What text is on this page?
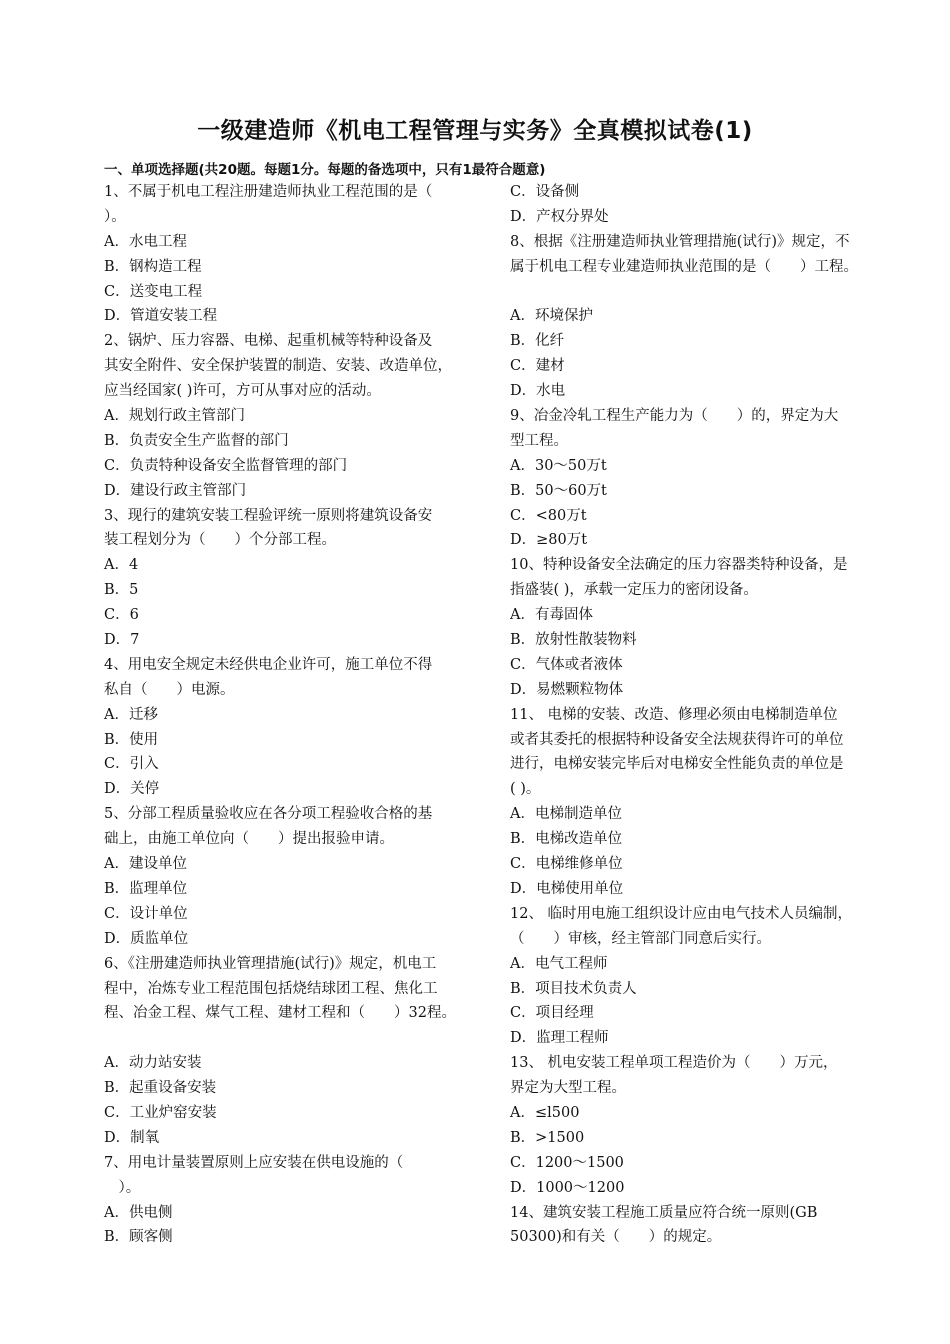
一级建造师《机电工程管理与实务》全真模拟试卷(1)
一、单项选择题(共20题。每题1分。每题的备选项中，只有1最符合题意)
1、不属于机电工程注册建造师执业工程范围的是（
）。
A．水电工程
B．钢构造工程
C．送变电工程
D．管道安装工程
2、锅炉、压力容器、电梯、起重机械等特种设备及
其安全附件、安全保护装置的制造、安装、改造单位，
应当经国家( )许可，方可从事对应的活动。
A．规划行政主管部门
B．负责安全生产监督的部门
C．负责特种设备安全监督管理的部门
D．建设行政主管部门
3、现行的建筑安装工程验评统一原则将建筑设备安
装工程划分为（　　）个分部工程。
A．4
B．5
C．6
D．7
4、用电安全规定未经供电企业许可，施工单位不得
私自（　　）电源。
A．迁移
B．使用
C．引入
D．关停
5、分部工程质量验收应在各分项工程验收合格的基
础上，由施工单位向（　　）提出报验申请。
A．建设单位
B．监理单位
C．设计单位
D．质监单位
6、《注册建造师执业管理措施(试行)》规定，机电工
程中，冶炼专业工程范围包括烧结球团工程、焦化工
程、冶金工程、煤气工程、建材工程和（　　）32程。
A．动力站安装
B．起重设备安装
C．工业炉窑安装
D．制氧
7、用电计量装置原则上应安装在供电设施的（
　）。
A．供电侧
B．顾客侧
C．设备侧
D．产权分界处
8、根据《注册建造师执业管理措施(试行)》规定，不
属于机电工程专业建造师执业范围的是（　　）工程。
A．环境保护
B．化纤
C．建材
D．水电
9、冶金冷轧工程生产能力为（　　）的，界定为大
型工程。
A．30～50万t
B．50～60万t
C．<80万t
D．≥80万t
10、特种设备安全法确定的压力容器类特种设备，是
指盛装( )，承载一定压力的密闭设备。
A．有毒固体
B．放射性散装物料
C．气体或者液体
D．易燃颗粒物体
11、 电梯的安装、改造、修理必须由电梯制造单位
或者其委托的根据特种设备安全法规获得许可的单位
进行，电梯安装完毕后对电梯安全性能负责的单位是
( )。
A．电梯制造单位
B．电梯改造单位
C．电梯维修单位
D．电梯使用单位
12、 临时用电施工组织设计应由电气技术人员编制，
（　　）审核，经主管部门同意后实行。
A．电气工程师
B．项目技术负责人
C．项目经理
D．监理工程师
13、 机电安装工程单项工程造价为（　　）万元，
界定为大型工程。
A．≤l500
B．>1500
C．1200～1500
D．1000～1200
14、建筑安装工程施工质量应符合统一原则(GB
50300)和有关（　　）的规定。
